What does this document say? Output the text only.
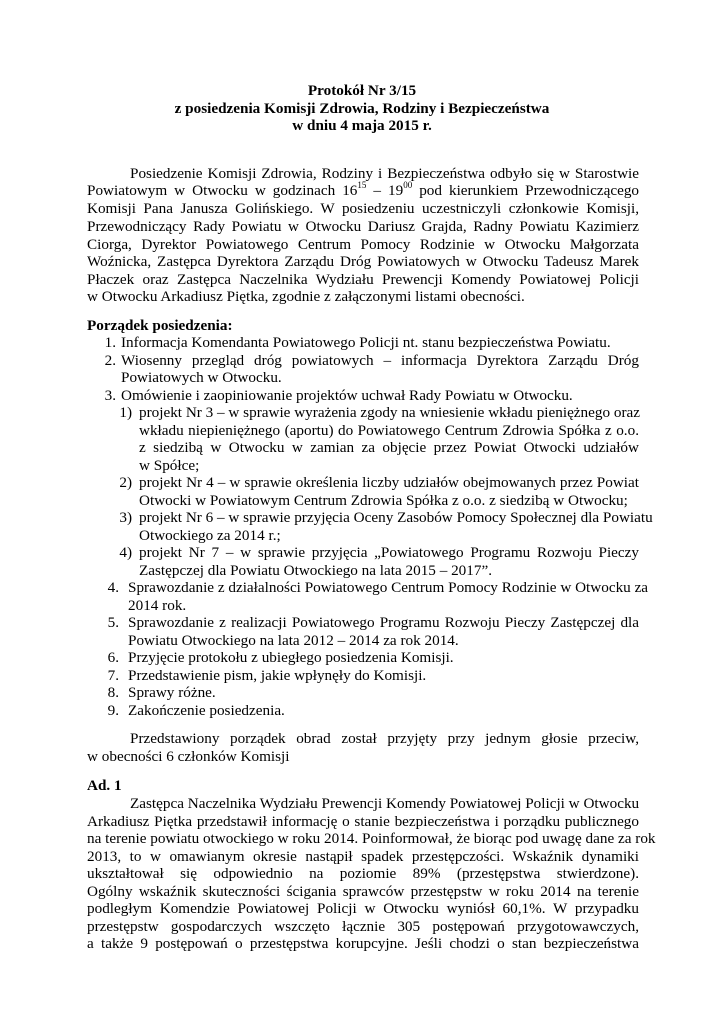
Protokół Nr 3/15
z posiedzenia Komisji Zdrowia, Rodziny i Bezpieczeństwa
w dniu 4 maja 2015 r.
Posiedzenie Komisji Zdrowia, Rodziny i Bezpieczeństwa odbyło się w Starostwie
Powiatowym w Otwocku w godzinach $16^{15} - 19^{00}$ pod kierunkiem Przewodniczącego
Komisji Pana Janusza Golińskiego. W posiedzeniu uczestniczyli członkowie Komisji,
Przewodniczący Rady Powiatu w Otwocku Dariusz Grajda, Radny Powiatu Kazimierz
Ciorga, Dyrektor Powiatowego Centrum Pomocy Rodzinie w Otwocku Małgorzata
Woźnicka, Zastępca Dyrektora Zarządu Dróg Powiatowych w Otwocku Tadeusz Marek
Płaczek oraz Zastępca Naczelnika Wydziału Prewencji Komendy Powiatowej Policji
w Otwocku Arkadiusz Piętka, zgodnie z załączonymi listami obecności.
Porządek posiedzenia:
1. Informacja Komendanta Powiatowego Policji nt. stanu bezpieczeństwa Powiatu.
2. Wiosenny przegląd dróg powiatowych – informacja Dyrektora Zarządu Dróg
Powiatowych w Otwocku.
3. Omówienie i zaopiniowanie projektów uchwał Rady Powiatu w Otwocku.
1) projekt Nr 3 – w sprawie wyrażenia zgody na wniesienie wkładu pieniężnego oraz
wkładu niepieniężnego (aportu) do Powiatowego Centrum Zdrowia Spółka z o.o.
z siedzibą w Otwocku w zamian za objęcie przez Powiat Otwocki udziałów
w Spółce;
2) projekt Nr 4 – w sprawie określenia liczby udziałów obejmowanych przez Powiat
Otwocki w Powiatowym Centrum Zdrowia Spółka z o.o. z siedzibą w Otwocku;
3) projekt Nr 6 – w sprawie przyjęcia Oceny Zasobów Pomocy Społecznej dla Powiatu
Otwockiego za 2014 r.;
4) projekt Nr 7 – w sprawie przyjęcia „Powiatowego Programu Rozwoju Pieczy
Zastępczej dla Powiatu Otwockiego na lata 2015 – 2017”.
4. Sprawozdanie z działalności Powiatowego Centrum Pomocy Rodzinie w Otwocku za
2014 rok.
5. Sprawozdanie z realizacji Powiatowego Programu Rozwoju Pieczy Zastępczej dla
Powiatu Otwockiego na lata 2012 – 2014 za rok 2014.
6. Przyjęcie protokołu z ubiegłego posiedzenia Komisji.
7. Przedstawienie pism, jakie wpłynęły do Komisji.
8. Sprawy różne.
9. Zakończenie posiedzenia.
Przedstawiony porządek obrad został przyjęty przy jednym głosie przeciw,
w obecności 6 członków Komisji
Ad. 1
Zastępca Naczelnika Wydziału Prewencji Komendy Powiatowej Policji w Otwocku
Arkadiusz Piętka przedstawił informację o stanie bezpieczeństwa i porządku publicznego
na terenie powiatu otwockiego w roku 2014. Poinformował, że biorąc pod uwagę dane za rok
2013, to w omawianym okresie nastąpił spadek przestępczości. Wskaźnik dynamiki
ukształtował się odpowiednio na poziomie 89% (przestępstwa stwierdzone).
Ogólny wskaźnik skuteczności ścigania sprawców przestępstw w roku 2014 na terenie
podległym Komendzie Powiatowej Policji w Otwocku wyniósł 60,1%. W przypadku
przestępstw gospodarczych wszczęto łącznie 305 postępowań przygotowawczych,
a także 9 postępowań o przestępstwa korupcyjne. Jeśli chodzi o stan bezpieczeństwa
